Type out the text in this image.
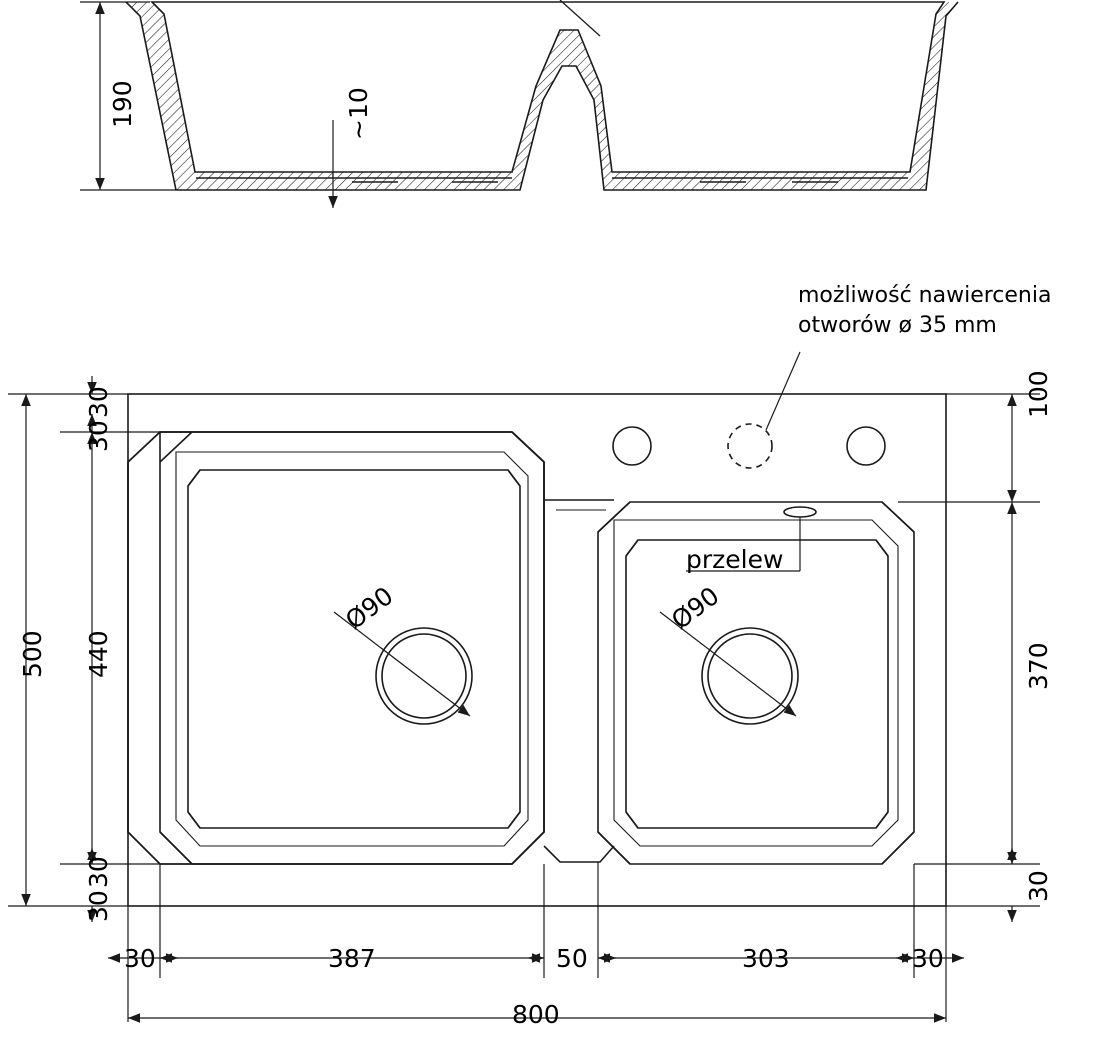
190	~10
możliwość nawiercenia
otworów ø 35 mm
przelew
Ø90	Ø90
30
30
500 440
30
30
100
370
30
30	387	50	303	30
800
